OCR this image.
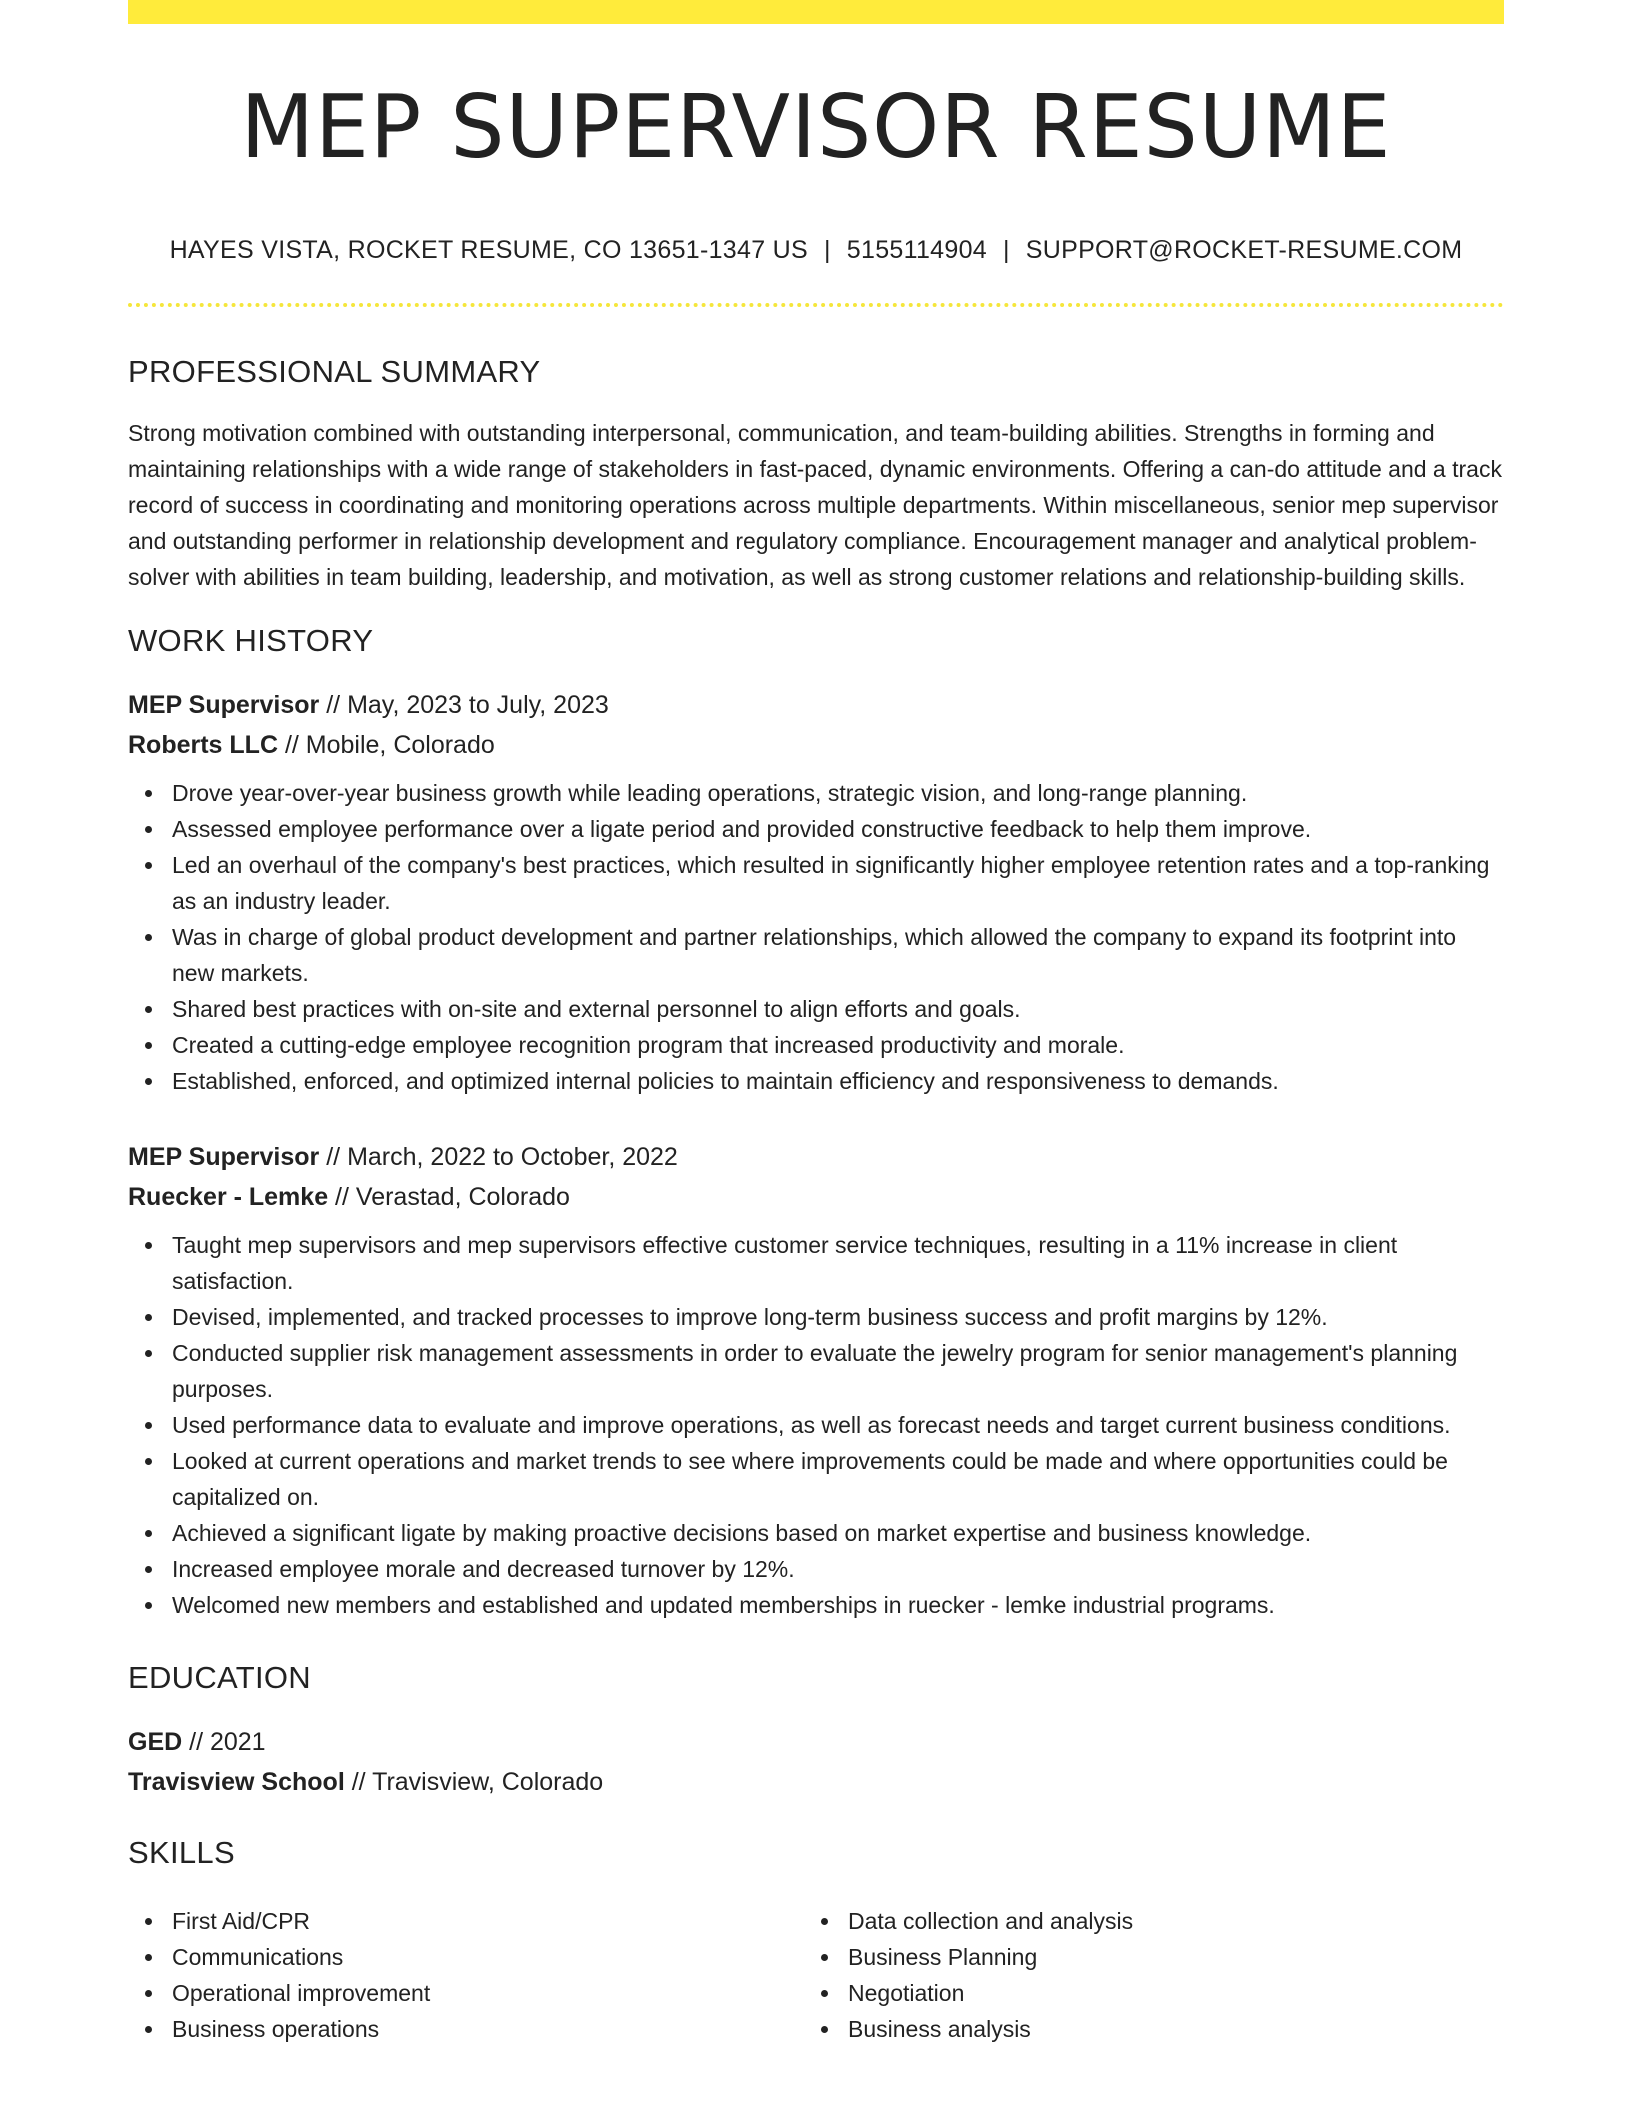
MEP SUPERVISOR RESUME
HAYES VISTA, ROCKET RESUME, CO 13651-1347 US | 5155114904 | SUPPORT@ROCKET-RESUME.COM
PROFESSIONAL SUMMARY

Strong motivation combined with outstanding interpersonal, communication, and team-building abilities. Strengths in forming and maintaining relationships with a wide range of stakeholders in fast-paced, dynamic environments. Offering a can-do attitude and a track record of success in coordinating and monitoring operations across multiple departments. Within miscellaneous, senior mep supervisor and outstanding performer in relationship development and regulatory compliance. Encouragement manager and analytical problem-solver with abilities in team building, leadership, and motivation, as well as strong customer relations and relationship-building skills.

WORK HISTORY
MEP Supervisor // May, 2023 to July, 2023
Roberts LLC // Mobile, Colorado
Drove year-over-year business growth while leading operations, strategic vision, and long-range planning.
Assessed employee performance over a ligate period and provided constructive feedback to help them improve.
Led an overhaul of the company's best practices, which resulted in significantly higher employee retention rates and a top-ranking as an industry leader.
Was in charge of global product development and partner relationships, which allowed the company to expand its footprint into new markets.
Shared best practices with on-site and external personnel to align efforts and goals.
Created a cutting-edge employee recognition program that increased productivity and morale.
Established, enforced, and optimized internal policies to maintain efficiency and responsiveness to demands.
MEP Supervisor // March, 2022 to October, 2022
Ruecker - Lemke // Verastad, Colorado
Taught mep supervisors and mep supervisors effective customer service techniques, resulting in a 11% increase in client satisfaction.
Devised, implemented, and tracked processes to improve long-term business success and profit margins by 12%.
Conducted supplier risk management assessments in order to evaluate the jewelry program for senior management's planning purposes.
Used performance data to evaluate and improve operations, as well as forecast needs and target current business conditions.
Looked at current operations and market trends to see where improvements could be made and where opportunities could be capitalized on.
Achieved a significant ligate by making proactive decisions based on market expertise and business knowledge.
Increased employee morale and decreased turnover by 12%.
Welcomed new members and established and updated memberships in ruecker - lemke industrial programs.
EDUCATION
GED // 2021
Travisview School // Travisview, Colorado
SKILLS
First Aid/CPR
Communications
Operational improvement
Business operations
Data collection and analysis
Business Planning
Negotiation
Business analysis
